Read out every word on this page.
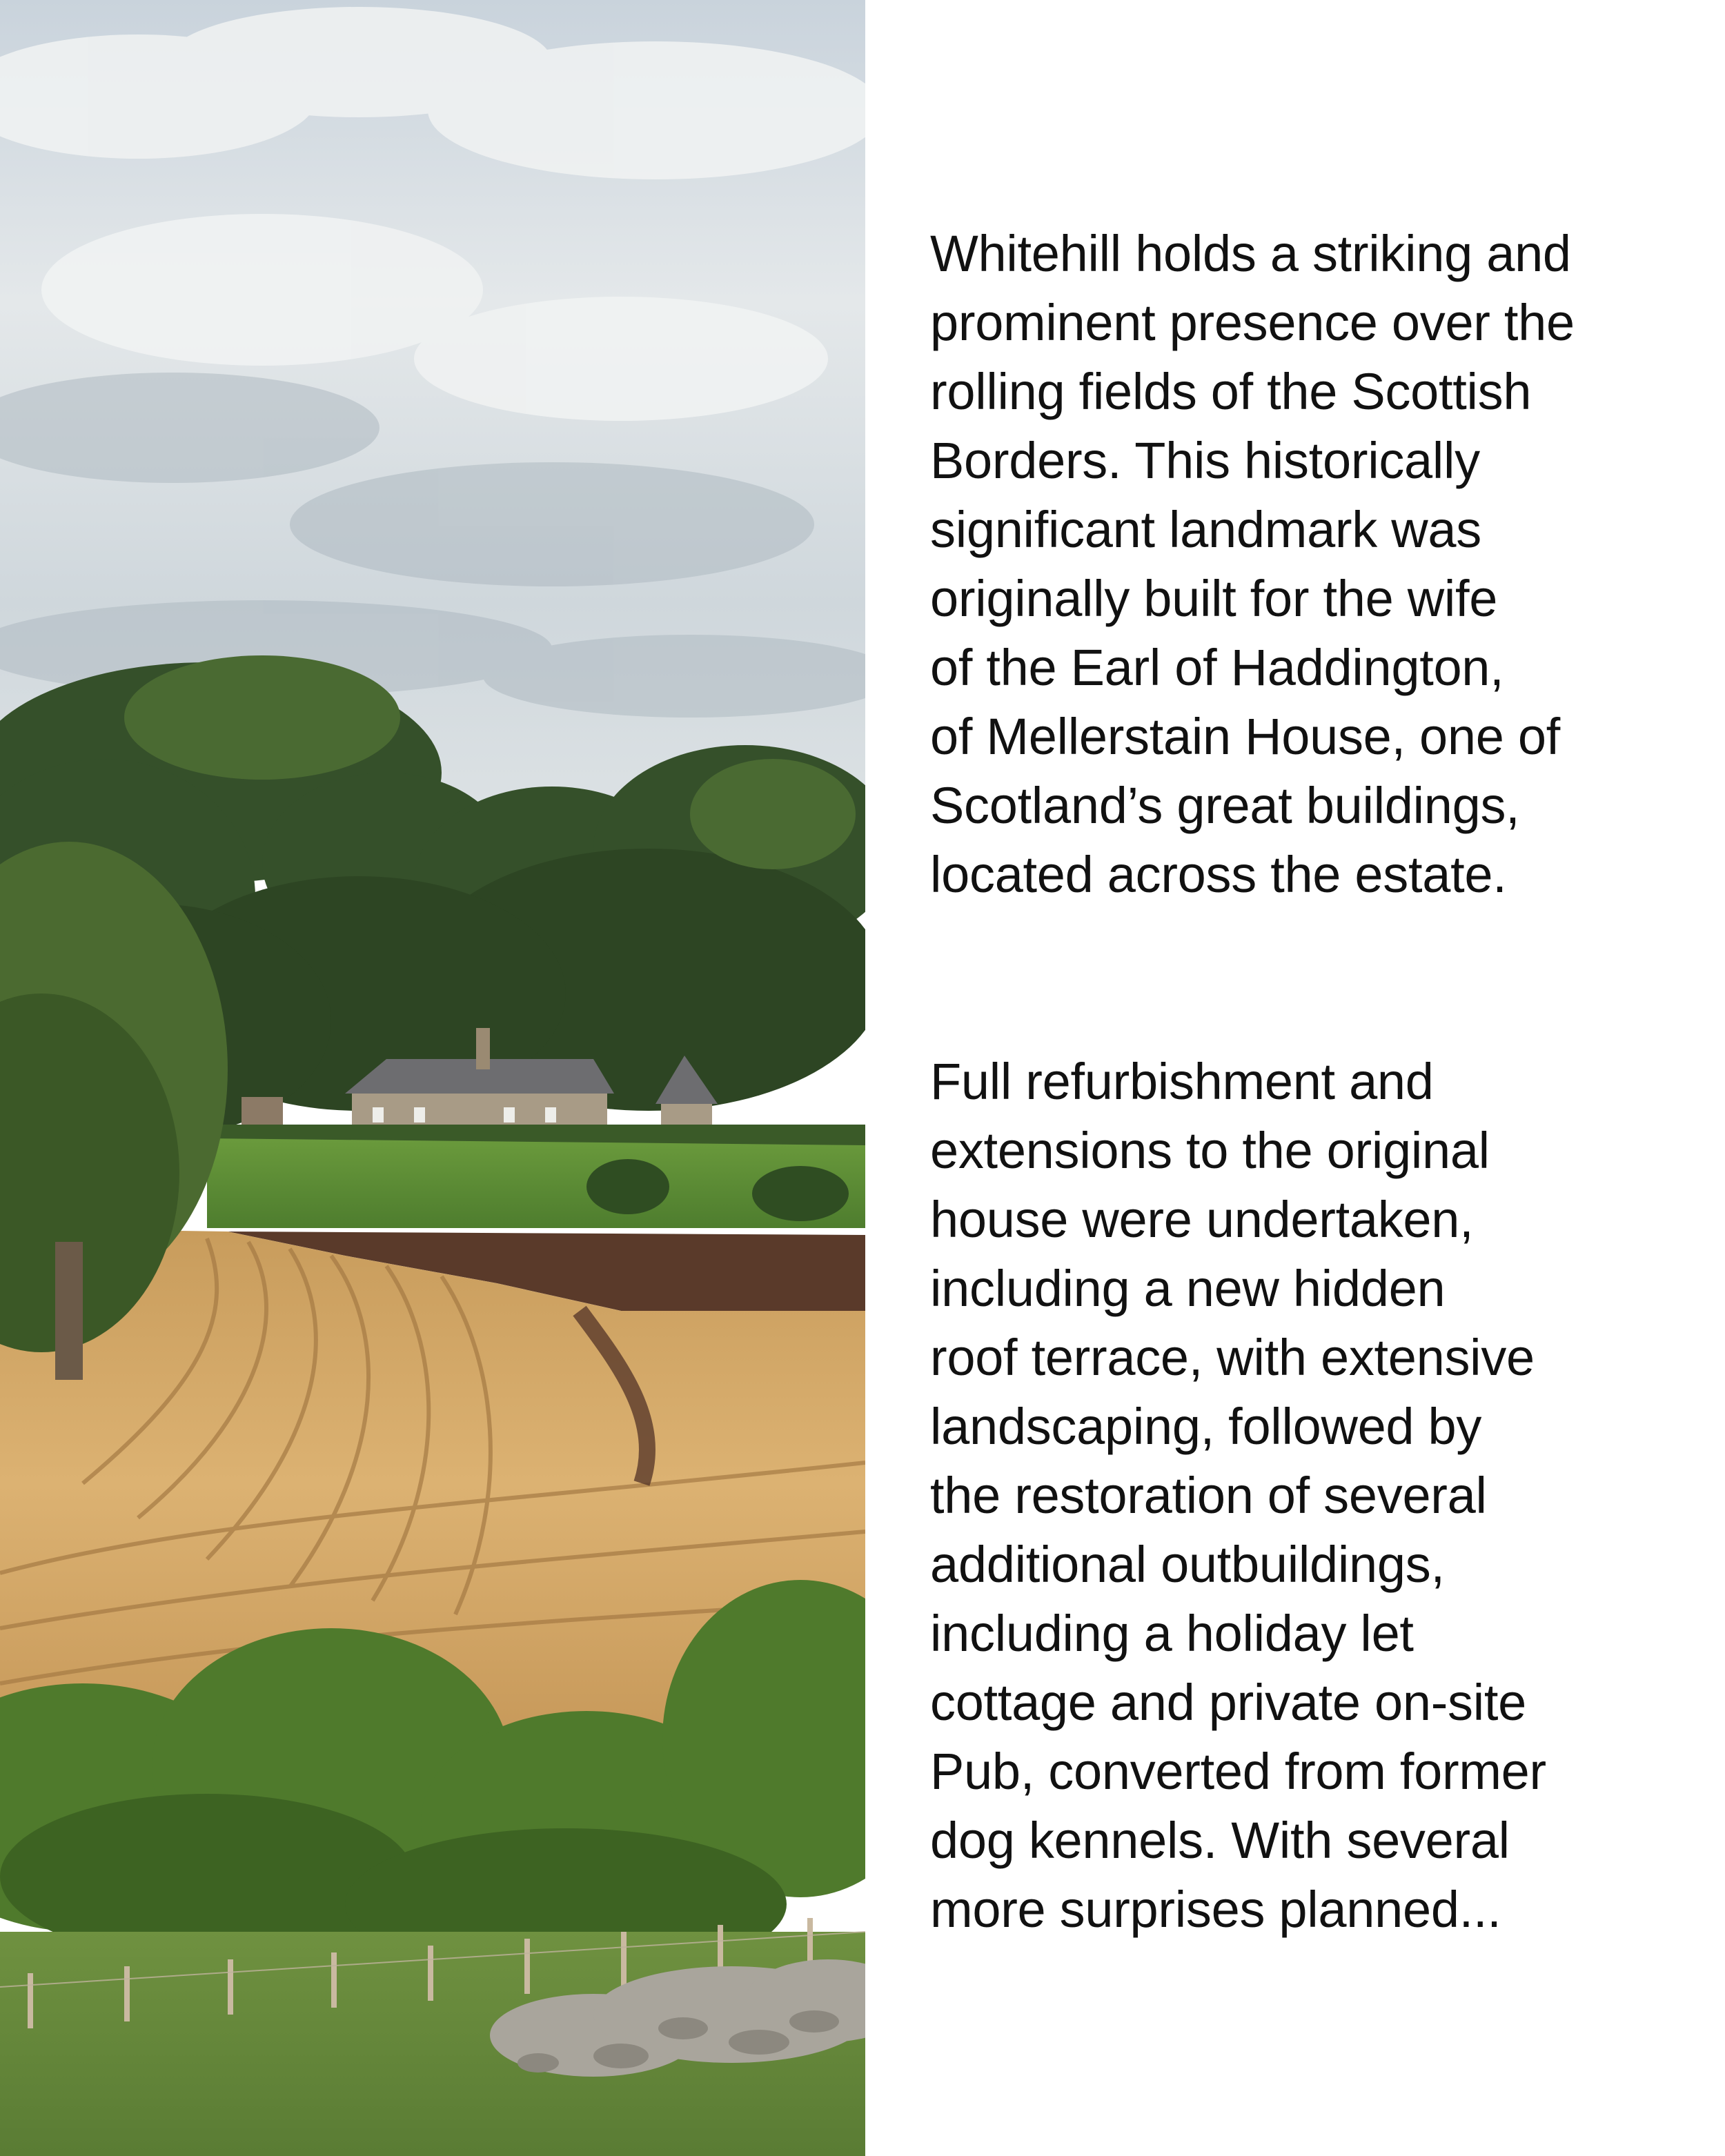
Whitehill holds a striking and
prominent presence over the
rolling fields of the Scottish
Borders. This historically
significant landmark was
originally built for the wife
of the Earl of Haddington,
of Mellerstain House, one of
Scotland’s great buildings,
located across the estate.

Full refurbishment and
extensions to the original
house were undertaken,
including a new hidden
roof terrace, with extensive
landscaping, followed by
the restoration of several
additional outbuildings,
including a holiday let
cottage and private on-site
Pub, converted from former
dog kennels. With several
more surprises planned...
